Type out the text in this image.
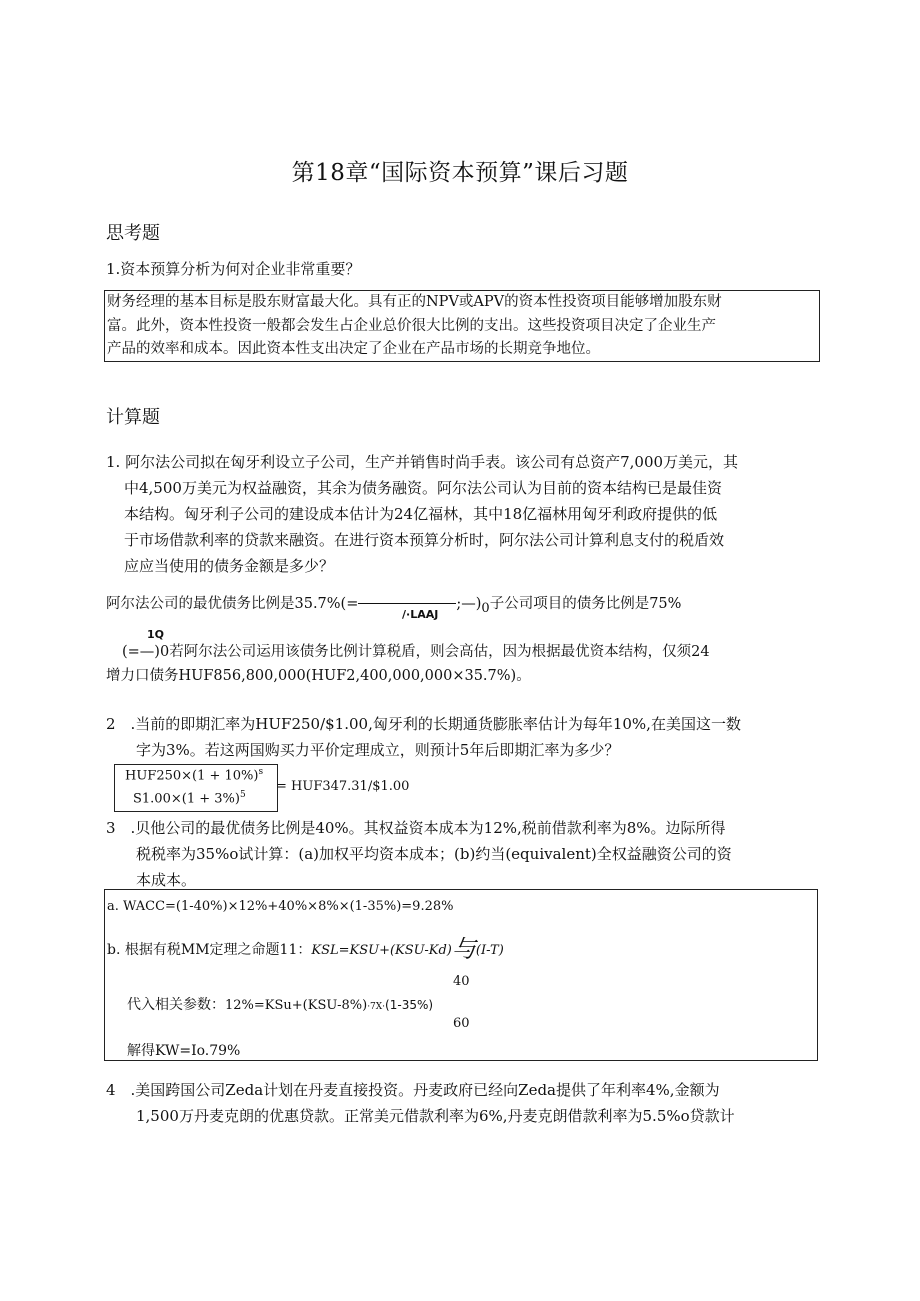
第18章“国际资本预算”课后习题
思考题
1.资本预算分析为何对企业非常重要？
财务经理的基本目标是股东财富最大化。具有正的NPV或APV的资本性投资项目能够增加股东财
富。此外，资本性投资一般都会发生占企业总价很大比例的支出。这些投资项目决定了企业生产
产品的效率和成本。因此资本性支出决定了企业在产品市场的长期竞争地位。
计算题
1. 阿尔法公司拟在匈牙利设立子公司，生产并销售时尚手表。该公司有总资产7,000万美元，其
中4,500万美元为权益融资，其余为债务融资。阿尔法公司认为目前的资本结构已是最佳资
本结构。匈牙利子公司的建设成本估计为24亿福林，其中18亿福林用匈牙利政府提供的低
于市场借款利率的贷款来融资。在进行资本预算分析时，阿尔法公司计算利息支付的税盾效
应应当使用的债务金额是多少？
阿尔法公司的最优债务比例是35.7%(=	;—)0子公司项目的债务比例是75%
/·LAAJ
1Q
(=—)0若阿尔法公司运用该债务比例计算税盾，则会高估，因为根据最优资本结构，仅须24
增力口债务HUF856,800,000(HUF2,400,000,000×35.7%)。
2　.当前的即期汇率为HUF250/$1.00,匈牙利的长期通货膨胀率估计为每年10%,在美国这一数
　　字为3%。若这两国购买力平价定理成立，则预计5年后即期汇率为多少？
$HUF250\times(1 + 10\%)^s$
$S1.00\times(1 + 3\%)^5$
= HUF347.31/$1.00
3　.贝他公司的最优债务比例是40%。其权益资本成本为12%,税前借款利率为8%。边际所得
　　税税率为35%o试计算：(a)加权平均资本成本；(b)约当(equivalent)全权益融资公司的资
　　本成本。
a. WACC=(1-40%)×12%+40%×8%×(1-35%)=9.28%
b. 根据有税MM定理之命题11：KSL=KSU+(KSU-Kd)与(I-T)
40
代入相关参数：12%=KSu+(KSU-8%)·7X·(1-35%)
60
解得KW=Io.79%
4　.美国跨国公司Zeda计划在丹麦直接投资。丹麦政府已经向Zeda提供了年利率4%,金额为
　　1,500万丹麦克朗的优惠贷款。正常美元借款利率为6%,丹麦克朗借款利率为5.5%o贷款计
